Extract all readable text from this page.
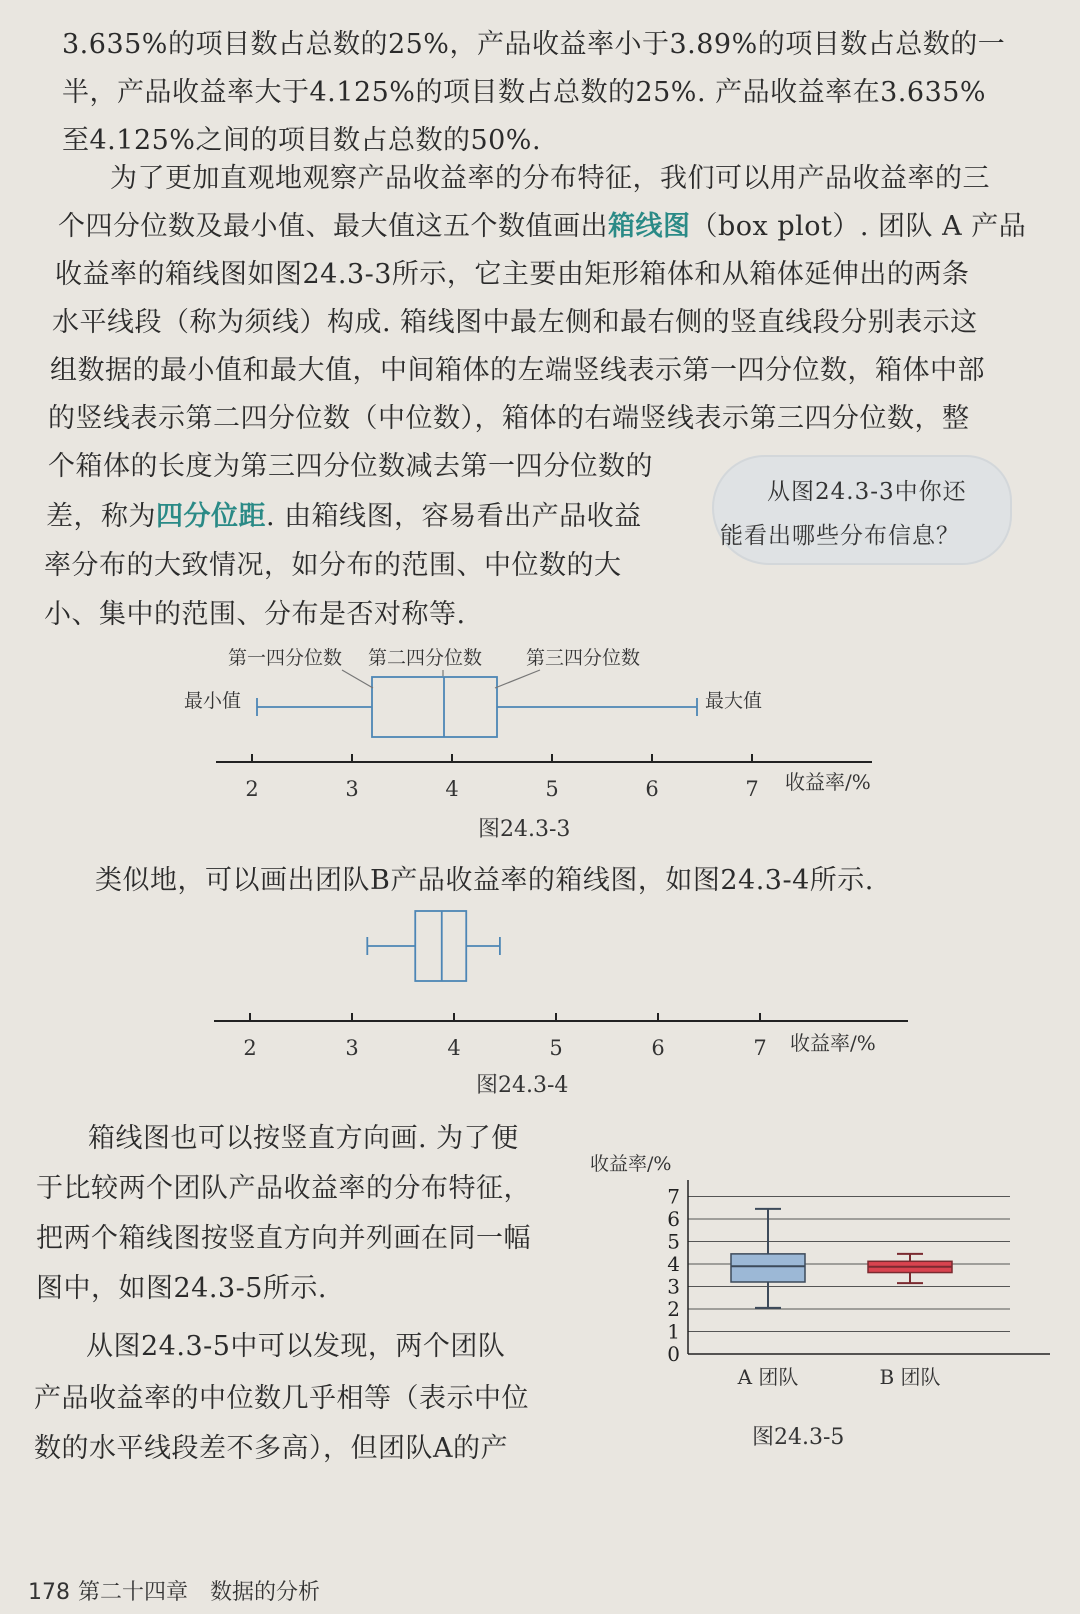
3.635%的项目数占总数的25%，产品收益率小于3.89%的项目数占总数的一
半，产品收益率大于4.125%的项目数占总数的25%. 产品收益率在3.635%
至4.125%之间的项目数占总数的50%.
为了更加直观地观察产品收益率的分布特征，我们可以用产品收益率的三
个四分位数及最小值、最大值这五个数值画出箱线图（box plot）. 团队 A 产品
收益率的箱线图如图24.3-3所示，它主要由矩形箱体和从箱体延伸出的两条
水平线段（称为须线）构成. 箱线图中最左侧和最右侧的竖直线段分别表示这
组数据的最小值和最大值，中间箱体的左端竖线表示第一四分位数，箱体中部
的竖线表示第二四分位数（中位数），箱体的右端竖线表示第三四分位数，整
个箱体的长度为第三四分位数减去第一四分位数的
差，称为四分位距. 由箱线图，容易看出产品收益
率分布的大致情况，如分布的范围、中位数的大
小、集中的范围、分布是否对称等.
从图24.3-3中你还
能看出哪些分布信息？
2	3	4	5	6	7
第一四分位数 第二四分位数 第三四分位数
最小值	最大值
收益率/%
图24.3-3
类似地，可以画出团队B产品收益率的箱线图，如图24.3-4所示.
2	3	4	5	6	7 收益率/%
图24.3-4
箱线图也可以按竖直方向画. 为了便
于比较两个团队产品收益率的分布特征，
把两个箱线图按竖直方向并列画在同一幅
图中，如图24.3-5所示.
从图24.3-5中可以发现，两个团队
产品收益率的中位数几乎相等（表示中位
数的水平线段差不多高），但团队A的产
0
1
2
3
4
5
6
7
A 团队	B 团队
收益率/%
图24.3-5
178 第二十四章　数据的分析
